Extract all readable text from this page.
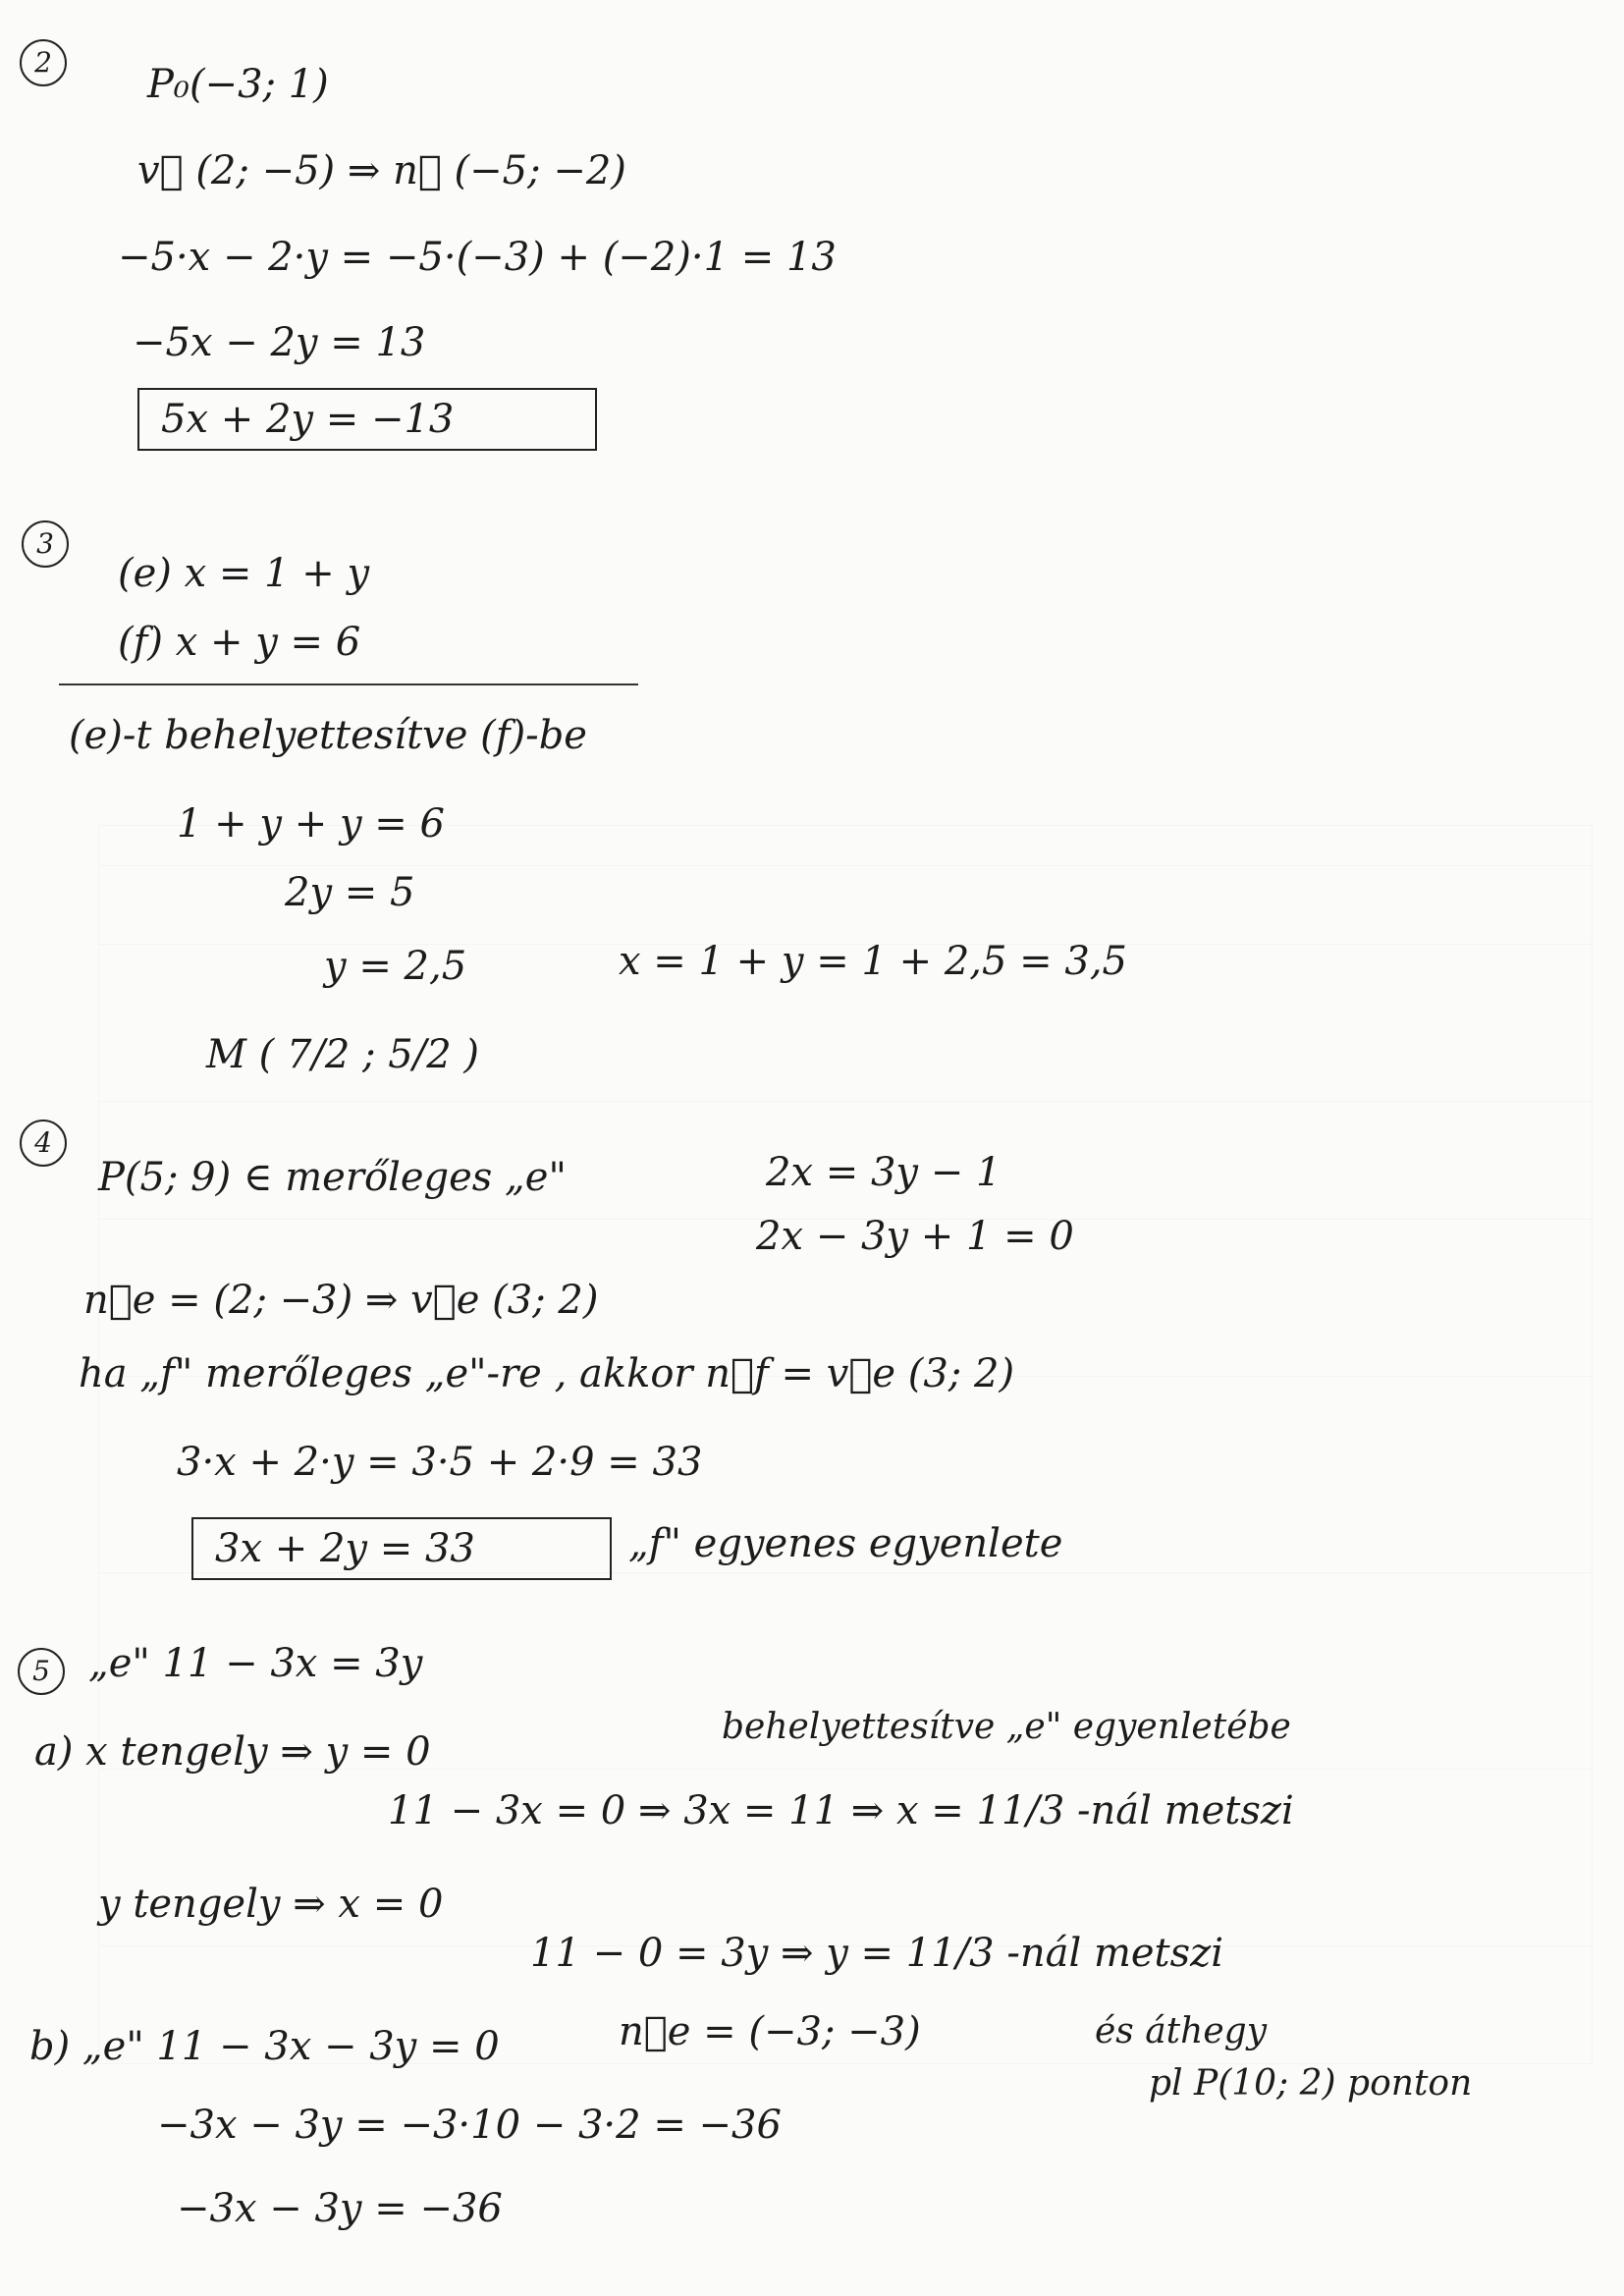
2	P₀(−3; 1)
v⃗ (2; −5) ⇒ n⃗ (−5; −2)
−5·x − 2·y = −5·(−3) + (−2)·1 = 13
−5x − 2y = 13
5x + 2y = −13
3
(e) x = 1 + y
(f) x + y = 6
(e)-t behelyettesítve (f)-be
1 + y + y = 6
2y = 5
y = 2,5	x = 1 + y = 1 + 2,5 = 3,5
M ( 7/2 ; 5/2 )
4
P(5; 9) ∈ merőleges „e"	2x = 3y − 1
2x − 3y + 1 = 0
n⃗e = (2; −3) ⇒ v⃗e (3; 2)
ha „f" merőleges „e"-re , akkor n⃗f = v⃗e (3; 2)
3·x + 2·y = 3·5 + 2·9 = 33
3x + 2y = 33	„f" egyenes egyenlete
5 „e" 11 − 3x = 3y
a) x tengely ⇒ y = 0
behelyettesítve „e" egyenletébe
11 − 3x = 0 ⇒ 3x = 11 ⇒ x = 11/3 -nál metszi
y tengely ⇒ x = 0
11 − 0 = 3y ⇒ y = 11/3 -nál metszi
b) „e" 11 − 3x − 3y = 0	n⃗e = (−3; −3)	és áthegy
pl P(10; 2) ponton
−3x − 3y = −3·10 − 3·2 = −36
−3x − 3y = −36
